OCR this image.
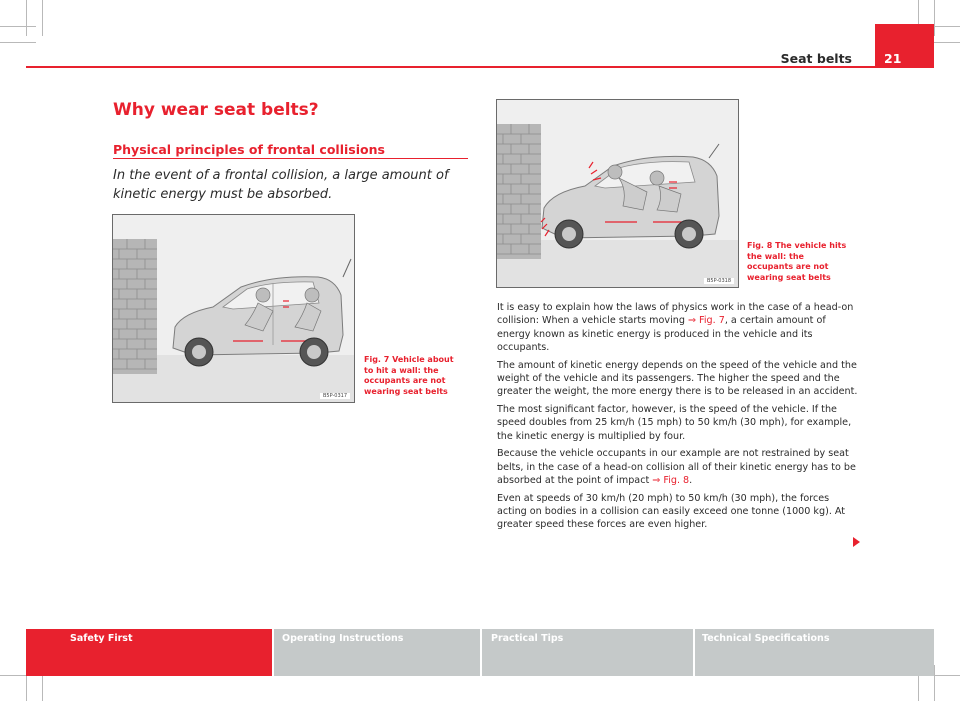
Seat belts	21
Why wear seat belts?
Physical principles of frontal collisions

In the event of a frontal collision, a large amount of kinetic energy must be absorbed.

B5P-0317

Fig. 7 Vehicle about to hit a wall: the occupants are not wearing seat belts

B5P-0318

Fig. 8 The vehicle hits the wall: the occupants are not wearing seat belts

It is easy to explain how the laws of physics work in the case of a head-on collision: When a vehicle starts moving ⇒ Fig. 7, a certain amount of energy known as kinetic energy is produced in the vehicle and its occupants.

The amount of kinetic energy depends on the speed of the vehicle and the weight of the vehicle and its passengers. The higher the speed and the greater the weight, the more energy there is to be released in an accident.

The most significant factor, however, is the speed of the vehicle. If the speed doubles from 25 km/h (15 mph) to 50 km/h (30 mph), for example, the kinetic energy is multiplied by four.

Because the vehicle occupants in our example are not restrained by seat belts, in the case of a head-on collision all of their kinetic energy has to be absorbed at the point of impact ⇒ Fig. 8.

Even at speeds of 30 km/h (20 mph) to 50 km/h (30 mph), the forces acting on bodies in a collision can easily exceed one tonne (1000 kg). At greater speed these forces are even higher.

Safety First	Operating Instructions	Practical Tips	Technical Specifications
